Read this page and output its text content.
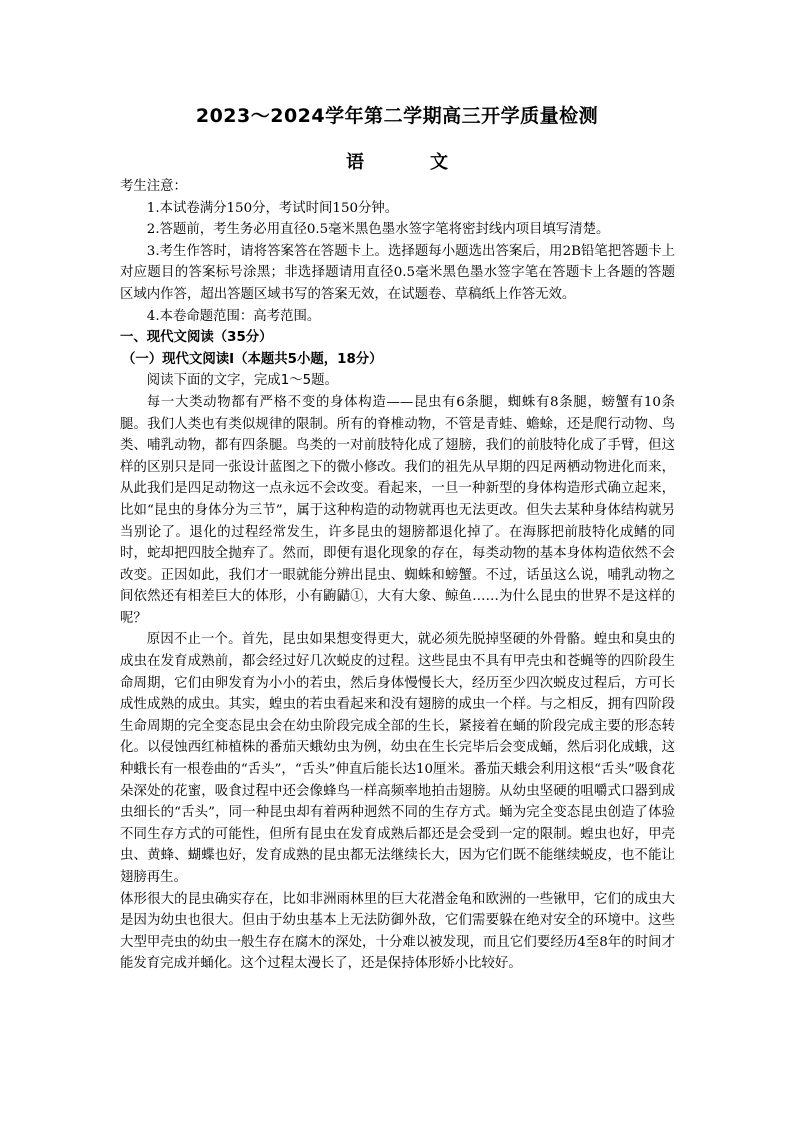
2023～2024学年第二学期高三开学质量检测
语　文

考生注意：

1.本试卷满分150分，考试时间150分钟。

2.答题前，考生务必用直径0.5毫米黑色墨水签字笔将密封线内项目填写清楚。

3.考生作答时，请将答案答在答题卡上。选择题每小题选出答案后，用2B铅笔把答题卡上对应题目的答案标号涂黑；非选择题请用直径0.5毫米黑色墨水签字笔在答题卡上各题的答题区域内作答，超出答题区域书写的答案无效，在试题卷、草稿纸上作答无效。

4.本卷命题范围：高考范围。

一、现代文阅读（35分）

（一）现代文阅读Ⅰ（本题共5小题，18分）

阅读下面的文字，完成1～5题。

每一大类动物都有严格不变的身体构造——昆虫有6条腿，蜘蛛有8条腿，螃蟹有10条腿。我们人类也有类似规律的限制。所有的脊椎动物，不管是青蛙、蟾蜍，还是爬行动物、鸟类、哺乳动物，都有四条腿。鸟类的一对前肢特化成了翅膀，我们的前肢特化成了手臂，但这样的区别只是同一张设计蓝图之下的微小修改。我们的祖先从早期的四足两栖动物进化而来，从此我们是四足动物这一点永远不会改变。看起来，一旦一种新型的身体构造形式确立起来，比如“昆虫的身体分为三节”，属于这种构造的动物就再也无法更改。但失去某种身体结构就另当别论了。退化的过程经常发生，许多昆虫的翅膀都退化掉了。在海豚把前肢特化成鳍的同时，蛇却把四肢全抛弃了。然而，即便有退化现象的存在，每类动物的基本身体构造依然不会改变。正因如此，我们才一眼就能分辨出昆虫、蜘蛛和螃蟹。不过，话虽这么说，哺乳动物之间依然还有相差巨大的体形，小有鼩鼱①，大有大象、鲸鱼……为什么昆虫的世界不是这样的呢？

原因不止一个。首先，昆虫如果想变得更大，就必须先脱掉坚硬的外骨骼。蝗虫和臭虫的成虫在发育成熟前，都会经过好几次蜕皮的过程。这些昆虫不具有甲壳虫和苍蝇等的四阶段生命周期，它们由卵发育为小小的若虫，然后身体慢慢长大，经历至少四次蜕皮过程后，方可长成性成熟的成虫。其实，蝗虫的若虫看起来和没有翅膀的成虫一个样。与之相反，拥有四阶段生命周期的完全变态昆虫会在幼虫阶段完成全部的生长，紧接着在蛹的阶段完成主要的形态转化。以侵蚀西红柿植株的番茄天蛾幼虫为例，幼虫在生长完毕后会变成蛹，然后羽化成蛾，这种蛾长有一根卷曲的“舌头”，“舌头”伸直后能长达10厘米。番茄天蛾会利用这根“舌头”吸食花朵深处的花蜜，吸食过程中还会像蜂鸟一样高频率地拍击翅膀。从幼虫坚硬的咀嚼式口器到成虫细长的“舌头”，同一种昆虫却有着两种迥然不同的生存方式。蛹为完全变态昆虫创造了体验不同生存方式的可能性，但所有昆虫在发育成熟后都还是会受到一定的限制。蝗虫也好，甲壳虫、黄蜂、蝴蝶也好，发育成熟的昆虫都无法继续长大，因为它们既不能继续蜕皮，也不能让翅膀再生。

体形很大的昆虫确实存在，比如非洲雨林里的巨大花潜金龟和欧洲的一些锹甲，它们的成虫大是因为幼虫也很大。但由于幼虫基本上无法防御外敌，它们需要躲在绝对安全的环境中。这些大型甲壳虫的幼虫一般生存在腐木的深处，十分难以被发现，而且它们要经历4至8年的时间才能发育完成并蛹化。这个过程太漫长了，还是保持体形娇小比较好。
